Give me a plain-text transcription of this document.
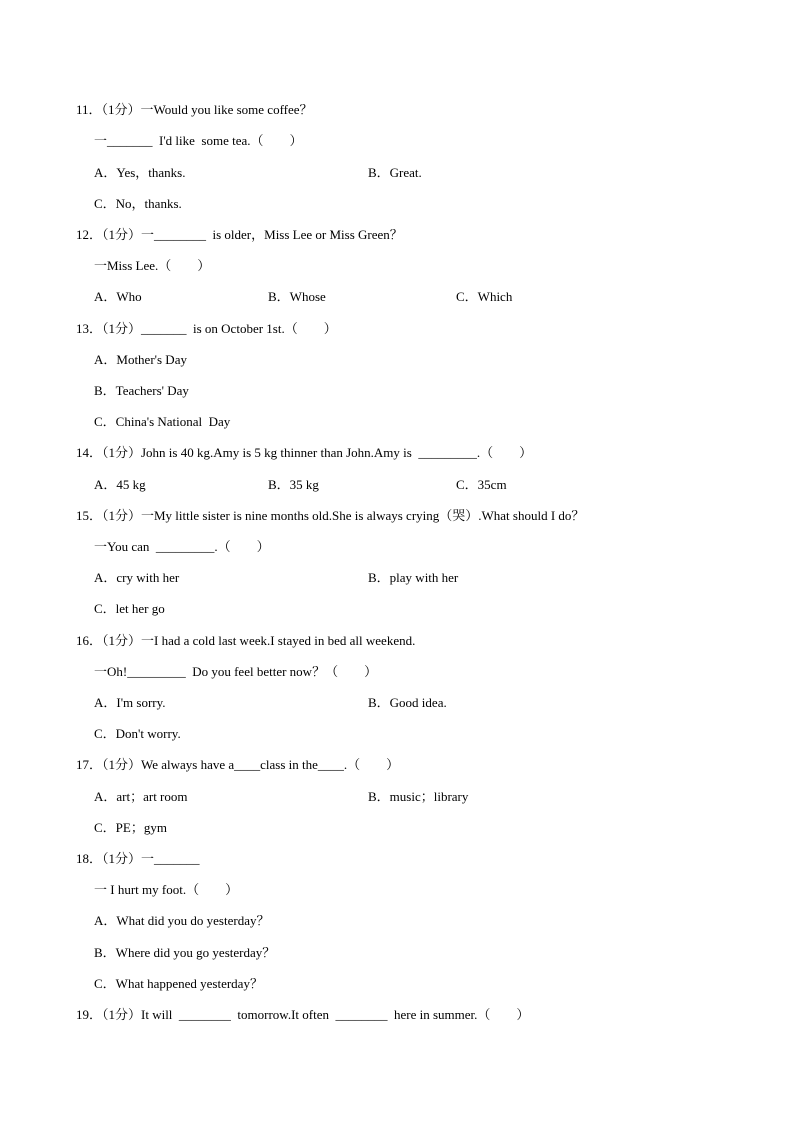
11．（1分）一Would you like some coffee？
一_______  I'd like  some tea.（　　）
A．Yes，thanks.	B．Great.
C．No，thanks.
12．（1分）一________  is older，Miss Lee or Miss Green？
一Miss Lee.（　　）
A．Who	B．Whose	C．Which
13．（1分）_______  is on October 1st.（　　）
A．Mother's Day
B．Teachers' Day
C．China's National  Day
14．（1分）John is 40 kg.Amy is 5 kg thinner than John.Amy is  _________.（　　）
A．45 kg	B．35 kg	C．35cm
15．（1分）一My little sister is nine months old.She is always crying（哭）.What should I do？
一You can  _________.（　　）
A．cry with her	B．play with her
C．let her go
16．（1分）一I had a cold last week.I stayed in bed all weekend.
一Oh!_________  Do you feel better now？（　　）
A．I'm sorry.	B．Good idea.
C．Don't worry.
17．（1分）We always have a____class in the____.（　　）
A．art；art room	B．music；library
C．PE；gym
18．（1分）一_______
一 I hurt my foot.（　　）
A．What did you do yesterday？
B．Where did you go yesterday？
C．What happened yesterday？
19．（1分）It will  ________  tomorrow.It often  ________  here in summer.（　　）
